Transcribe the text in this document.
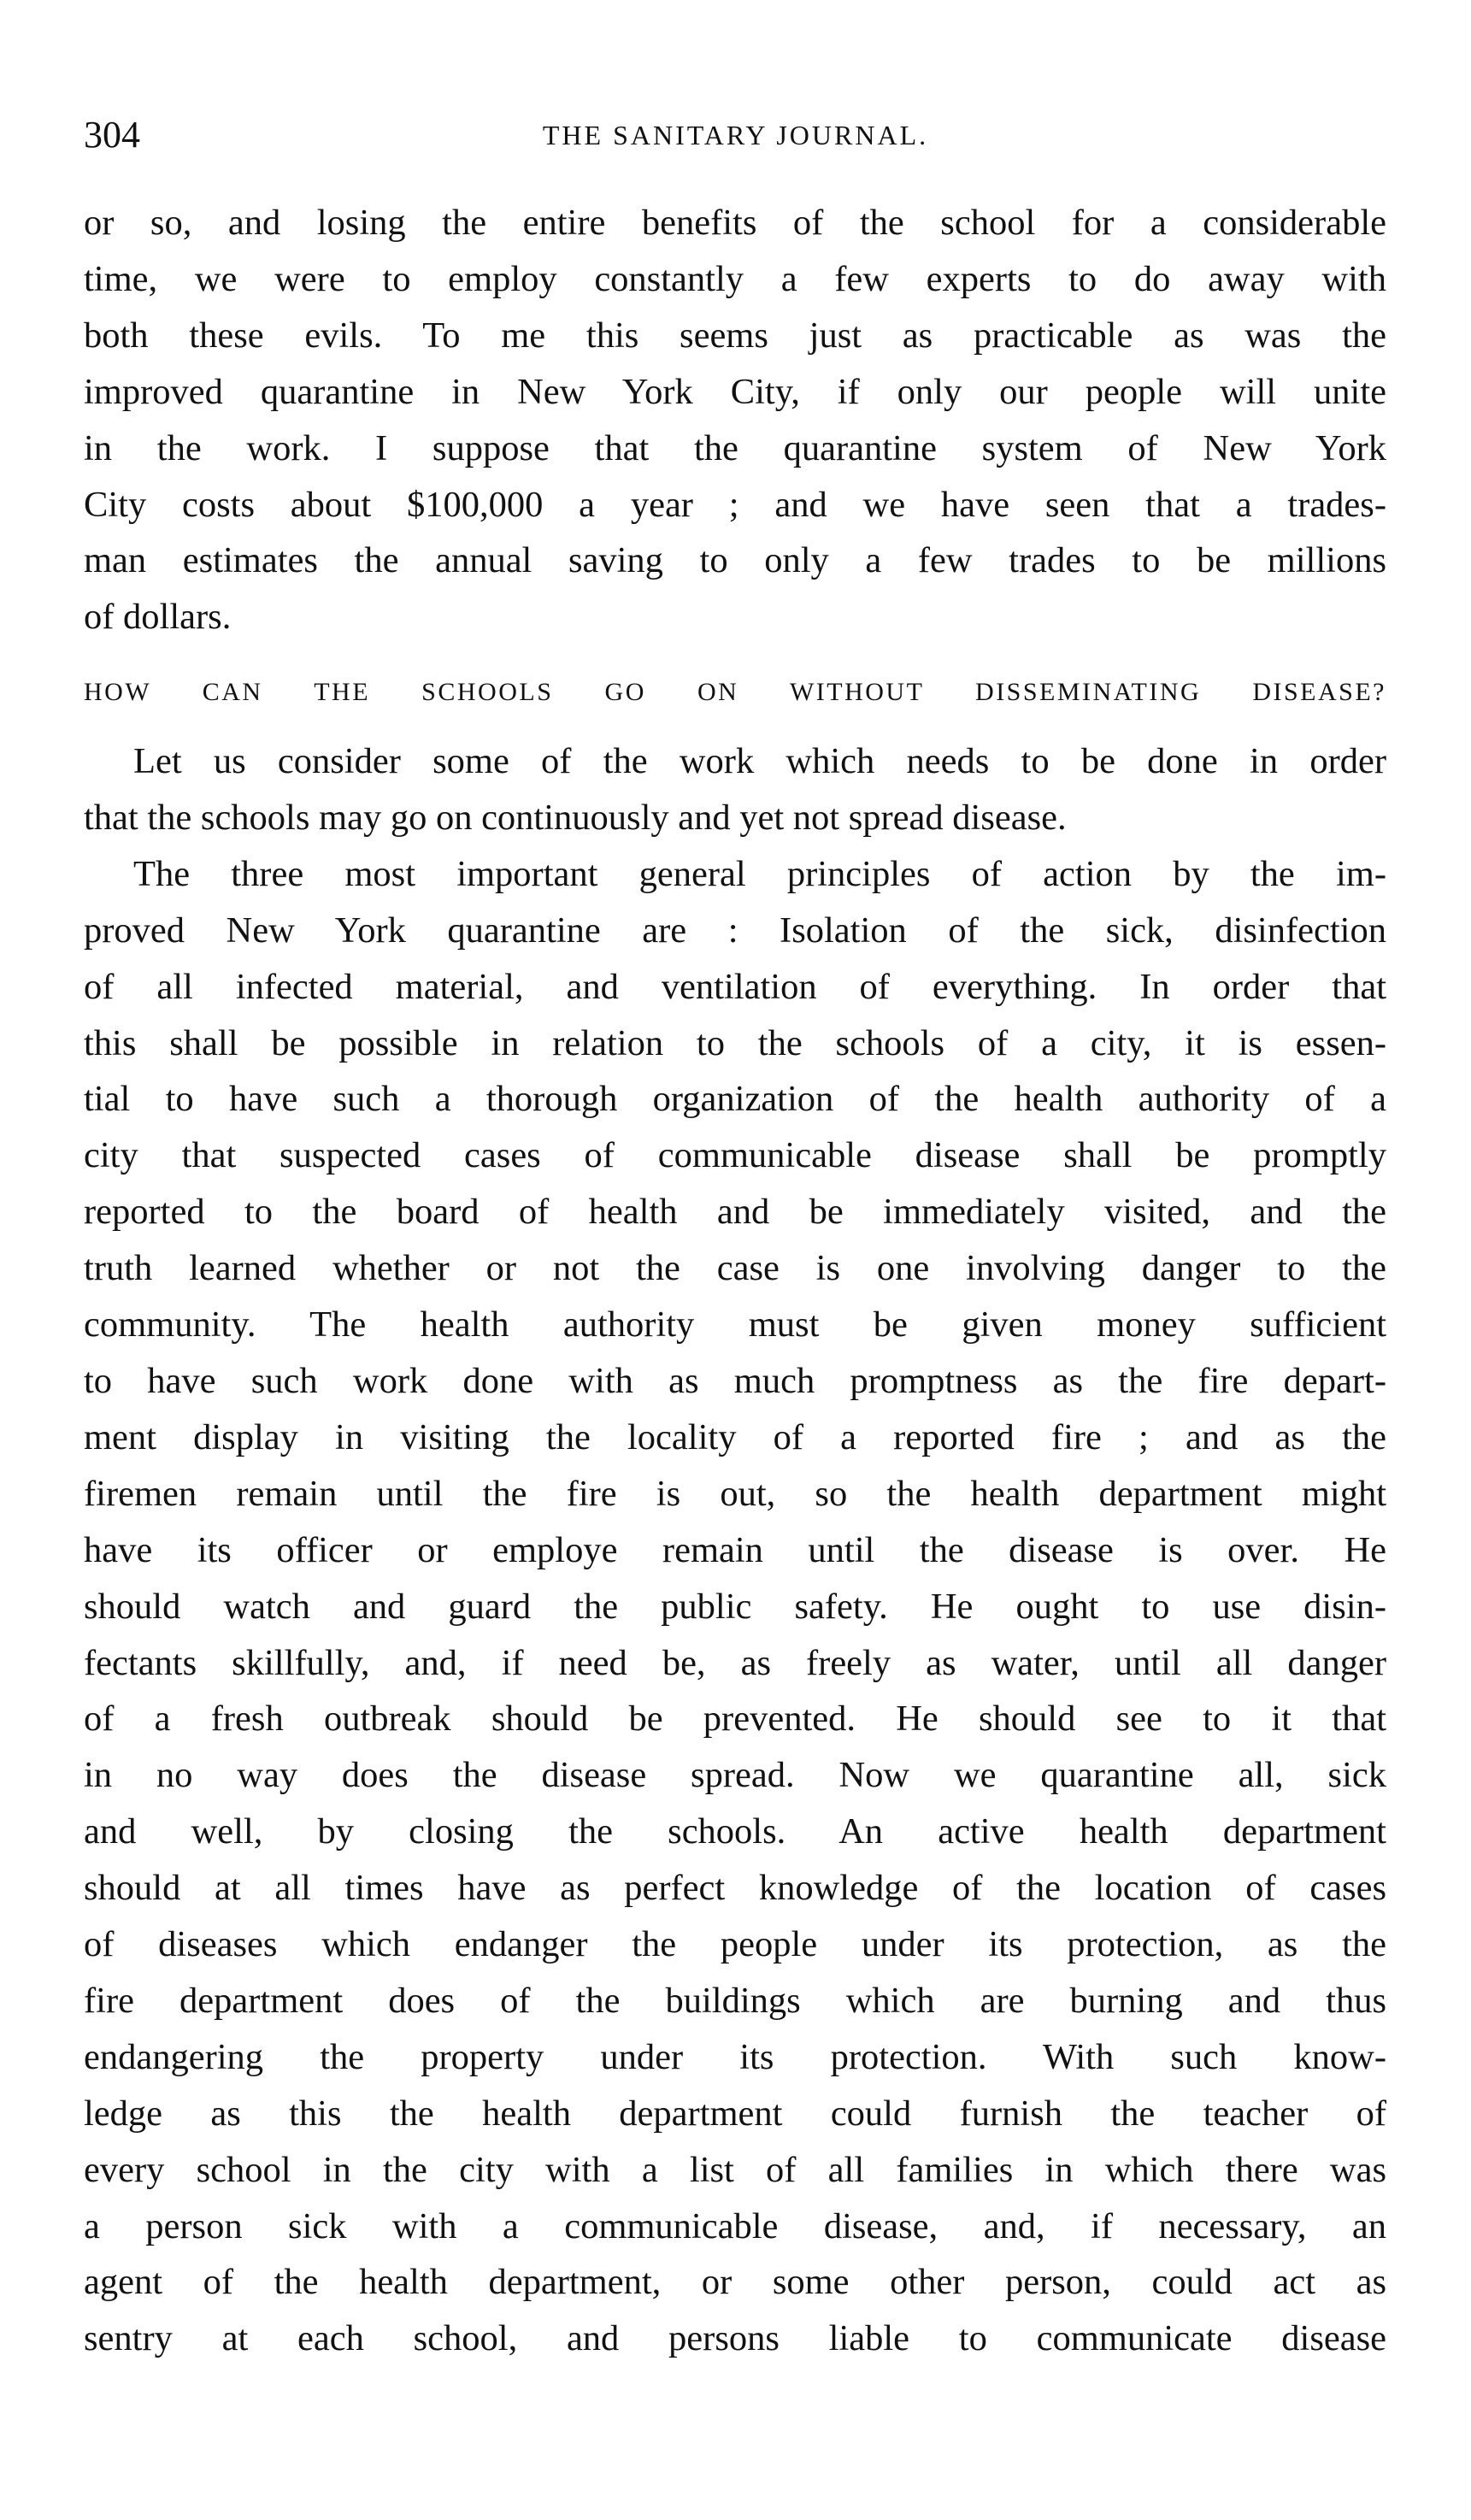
304	THE SANITARY JOURNAL.
or so, and losing the entire benefits of the school for a considerable
time, we were to employ constantly a few experts to do away with
both these evils. To me this seems just as practicable as was the
improved quarantine in New York City, if only our people will unite
in the work. I suppose that the quarantine system of New York
City costs about $100,000 a year ; and we have seen that a trades-
man estimates the annual saving to only a few trades to be millions
of dollars.
HOW CAN THE SCHOOLS GO ON WITHOUT DISSEMINATING DISEASE?
Let us consider some of the work which needs to be done in order
that the schools may go on continuously and yet not spread disease.
The three most important general principles of action by the im-
proved New York quarantine are : Isolation of the sick, disinfection
of all infected material, and ventilation of everything. In order that
this shall be possible in relation to the schools of a city, it is essen-
tial to have such a thorough organization of the health authority of a
city that suspected cases of communicable disease shall be promptly
reported to the board of health and be immediately visited, and the
truth learned whether or not the case is one involving danger to the
community. The health authority must be given money sufficient
to have such work done with as much promptness as the fire depart-
ment display in visiting the locality of a reported fire ; and as the
firemen remain until the fire is out, so the health department might
have its officer or employe remain until the disease is over. He
should watch and guard the public safety. He ought to use disin-
fectants skillfully, and, if need be, as freely as water, until all danger
of a fresh outbreak should be prevented. He should see to it that
in no way does the disease spread. Now we quarantine all, sick
and well, by closing the schools. An active health department
should at all times have as perfect knowledge of the location of cases
of diseases which endanger the people under its protection, as the
fire department does of the buildings which are burning and thus
endangering the property under its protection. With such know-
ledge as this the health department could furnish the teacher of
every school in the city with a list of all families in which there was
a person sick with a communicable disease, and, if necessary, an
agent of the health department, or some other person, could act as
sentry at each school, and persons liable to communicate disease
